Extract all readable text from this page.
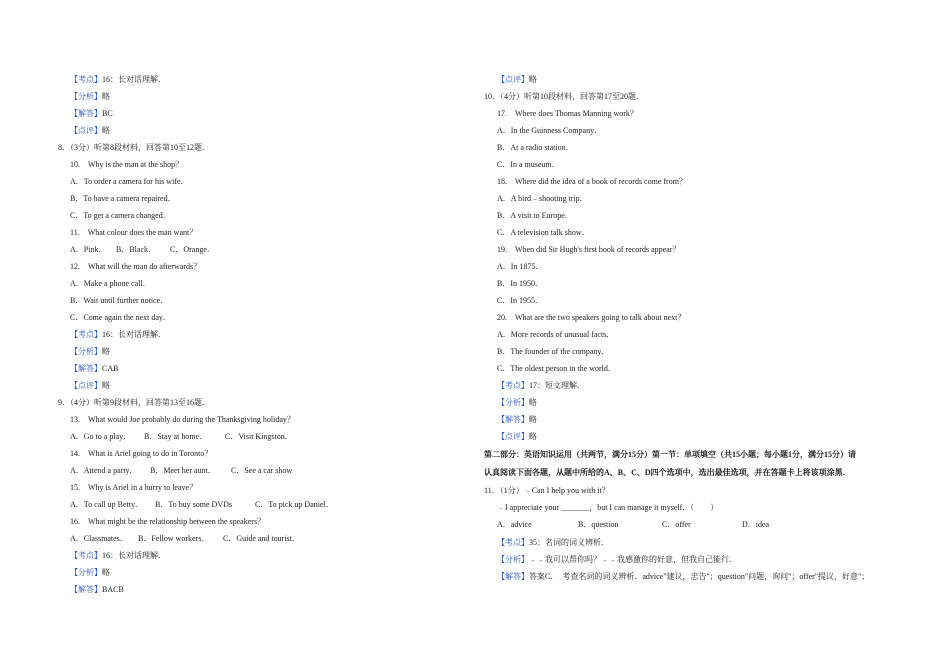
【考点】16：长对话理解．
【分析】略
【解答】BC
【点评】略
8．（3分）听第8段材料，回答第10至12题．
10.　Why is the man at the shop？
A．To order a camera for his wife．
B．To have a camera repaired．
C．To get a camera changed．
11.　What colour does the man want？
A．Pink． B．Black． C．Orange．
12.　What will the man do afterwards？
A．Make a phone call．
B．Wait until further notice．
C．Come again the next day．
【考点】16：长对话理解．
【分析】略
【解答】CAB
【点评】略
9．（4分）听第9段材料，回答第13至16题．
13.　What would Joe probably do during the Thanksgiving holiday？
A．Go to a play． B．Stay at home． C．Visit Kingston．
14.　What is Ariel going to do in Toronto？
A．Attend a party． B．Meet her aunt． C．See a car show
15.　Why is Ariel in a hurry to leave？
A．To call up Betty． B．To buy some DVDs	C．To pick up Daniel．
16.　What might be the relationship between the speakers？
A．Classmates． B．Fellow workers． C．Guide and tourist．
【考点】16：长对话理解．
【分析】略
【解答】BACB
【点评】略
10．（4分）听第10段材料，回答第17至20题．
17.　Where does Thomas Manning work？
A．In the Guinness Company．
B．At a radio station．
C．In a museum．
18.　Where did the idea of a book of records come from？
A．A bird﹣shooting trip．
B．A visit to Europe．
C．A television talk show．
19.　When did Sir Hugh's first book of records appear？
A．In 1875．
B．In 1950．
C．In 1955．
20.　What are the two speakers going to talk about next？
A．More records of unusual facts．
B．The founder of the company．
C．The oldest person in the world．
【考点】17：短文理解．
【分析】略
【解答】略
【点评】略
第二部分：英语知识运用（共两节，满分15分）第一节：单项填空（共15小题；每小题1分，满分15分）请
认真阅读下面各题，从题中所给的A、B、C、D四个选项中，选出最佳选项，并在答题卡上将该项涂黑．
11．（1分）﹣Can I help you with it？
﹣I appreciate your _______，but I can manage it myself．（　　）
A．advice	B．question	C．offer	D．idea
【考点】35：名词的词义辨析．
【分析】﹣﹣我可以帮你吗？﹣﹣我感激你的好意，但我自己能行．
【解答】答案C．　考查名词的词义辨析．advice"建议，忠告"；question"问题，询问"；offer"提议，好意"；
